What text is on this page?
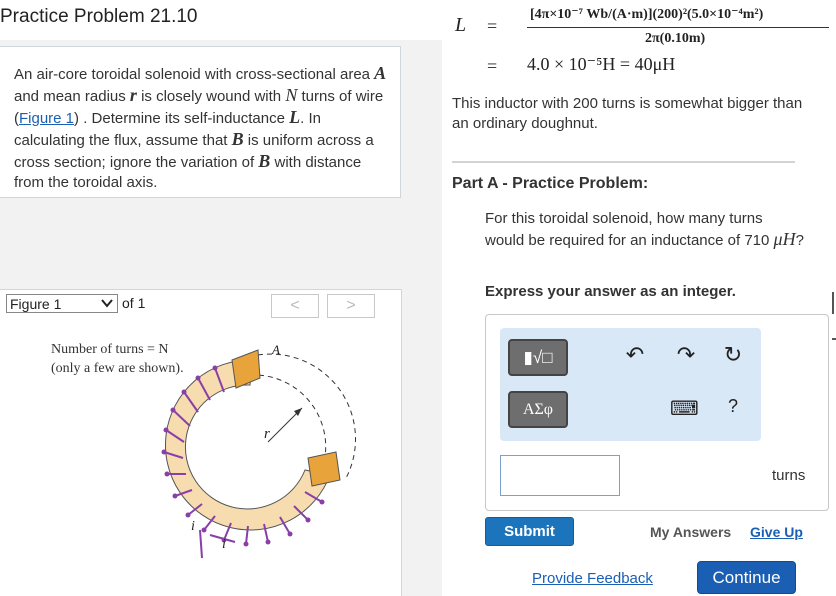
Practice Problem 21.10
An air-core toroidal solenoid with cross-sectional area A and mean radius r is closely wound with N turns of wire (Figure 1) . Determine its self-inductance L. In calculating the flux, assume that B is uniform across a cross section; ignore the variation of B with distance from the toroidal axis.
Figure 1	of 1	<	>
Number of turns = N
(only a few are shown).
A
r
i
i
L =
[4π×10⁻⁷ Wb/(A·m)](200)²(5.0×10⁻⁴m²)
2π(0.10m)
= 4.0 × 10⁻⁵H = 40μH
This inductor with 200 turns is somewhat bigger than an ordinary doughnut.
Part A - Practice Problem:
For this toroidal solenoid, how many turns would be required for an inductance of 710 μH?
Express your answer as an integer.
▮√□
ΑΣφ
↶ ↷ ↻
⌨	?
turns
Submit	My Answers Give Up
Provide Feedback	Continue
